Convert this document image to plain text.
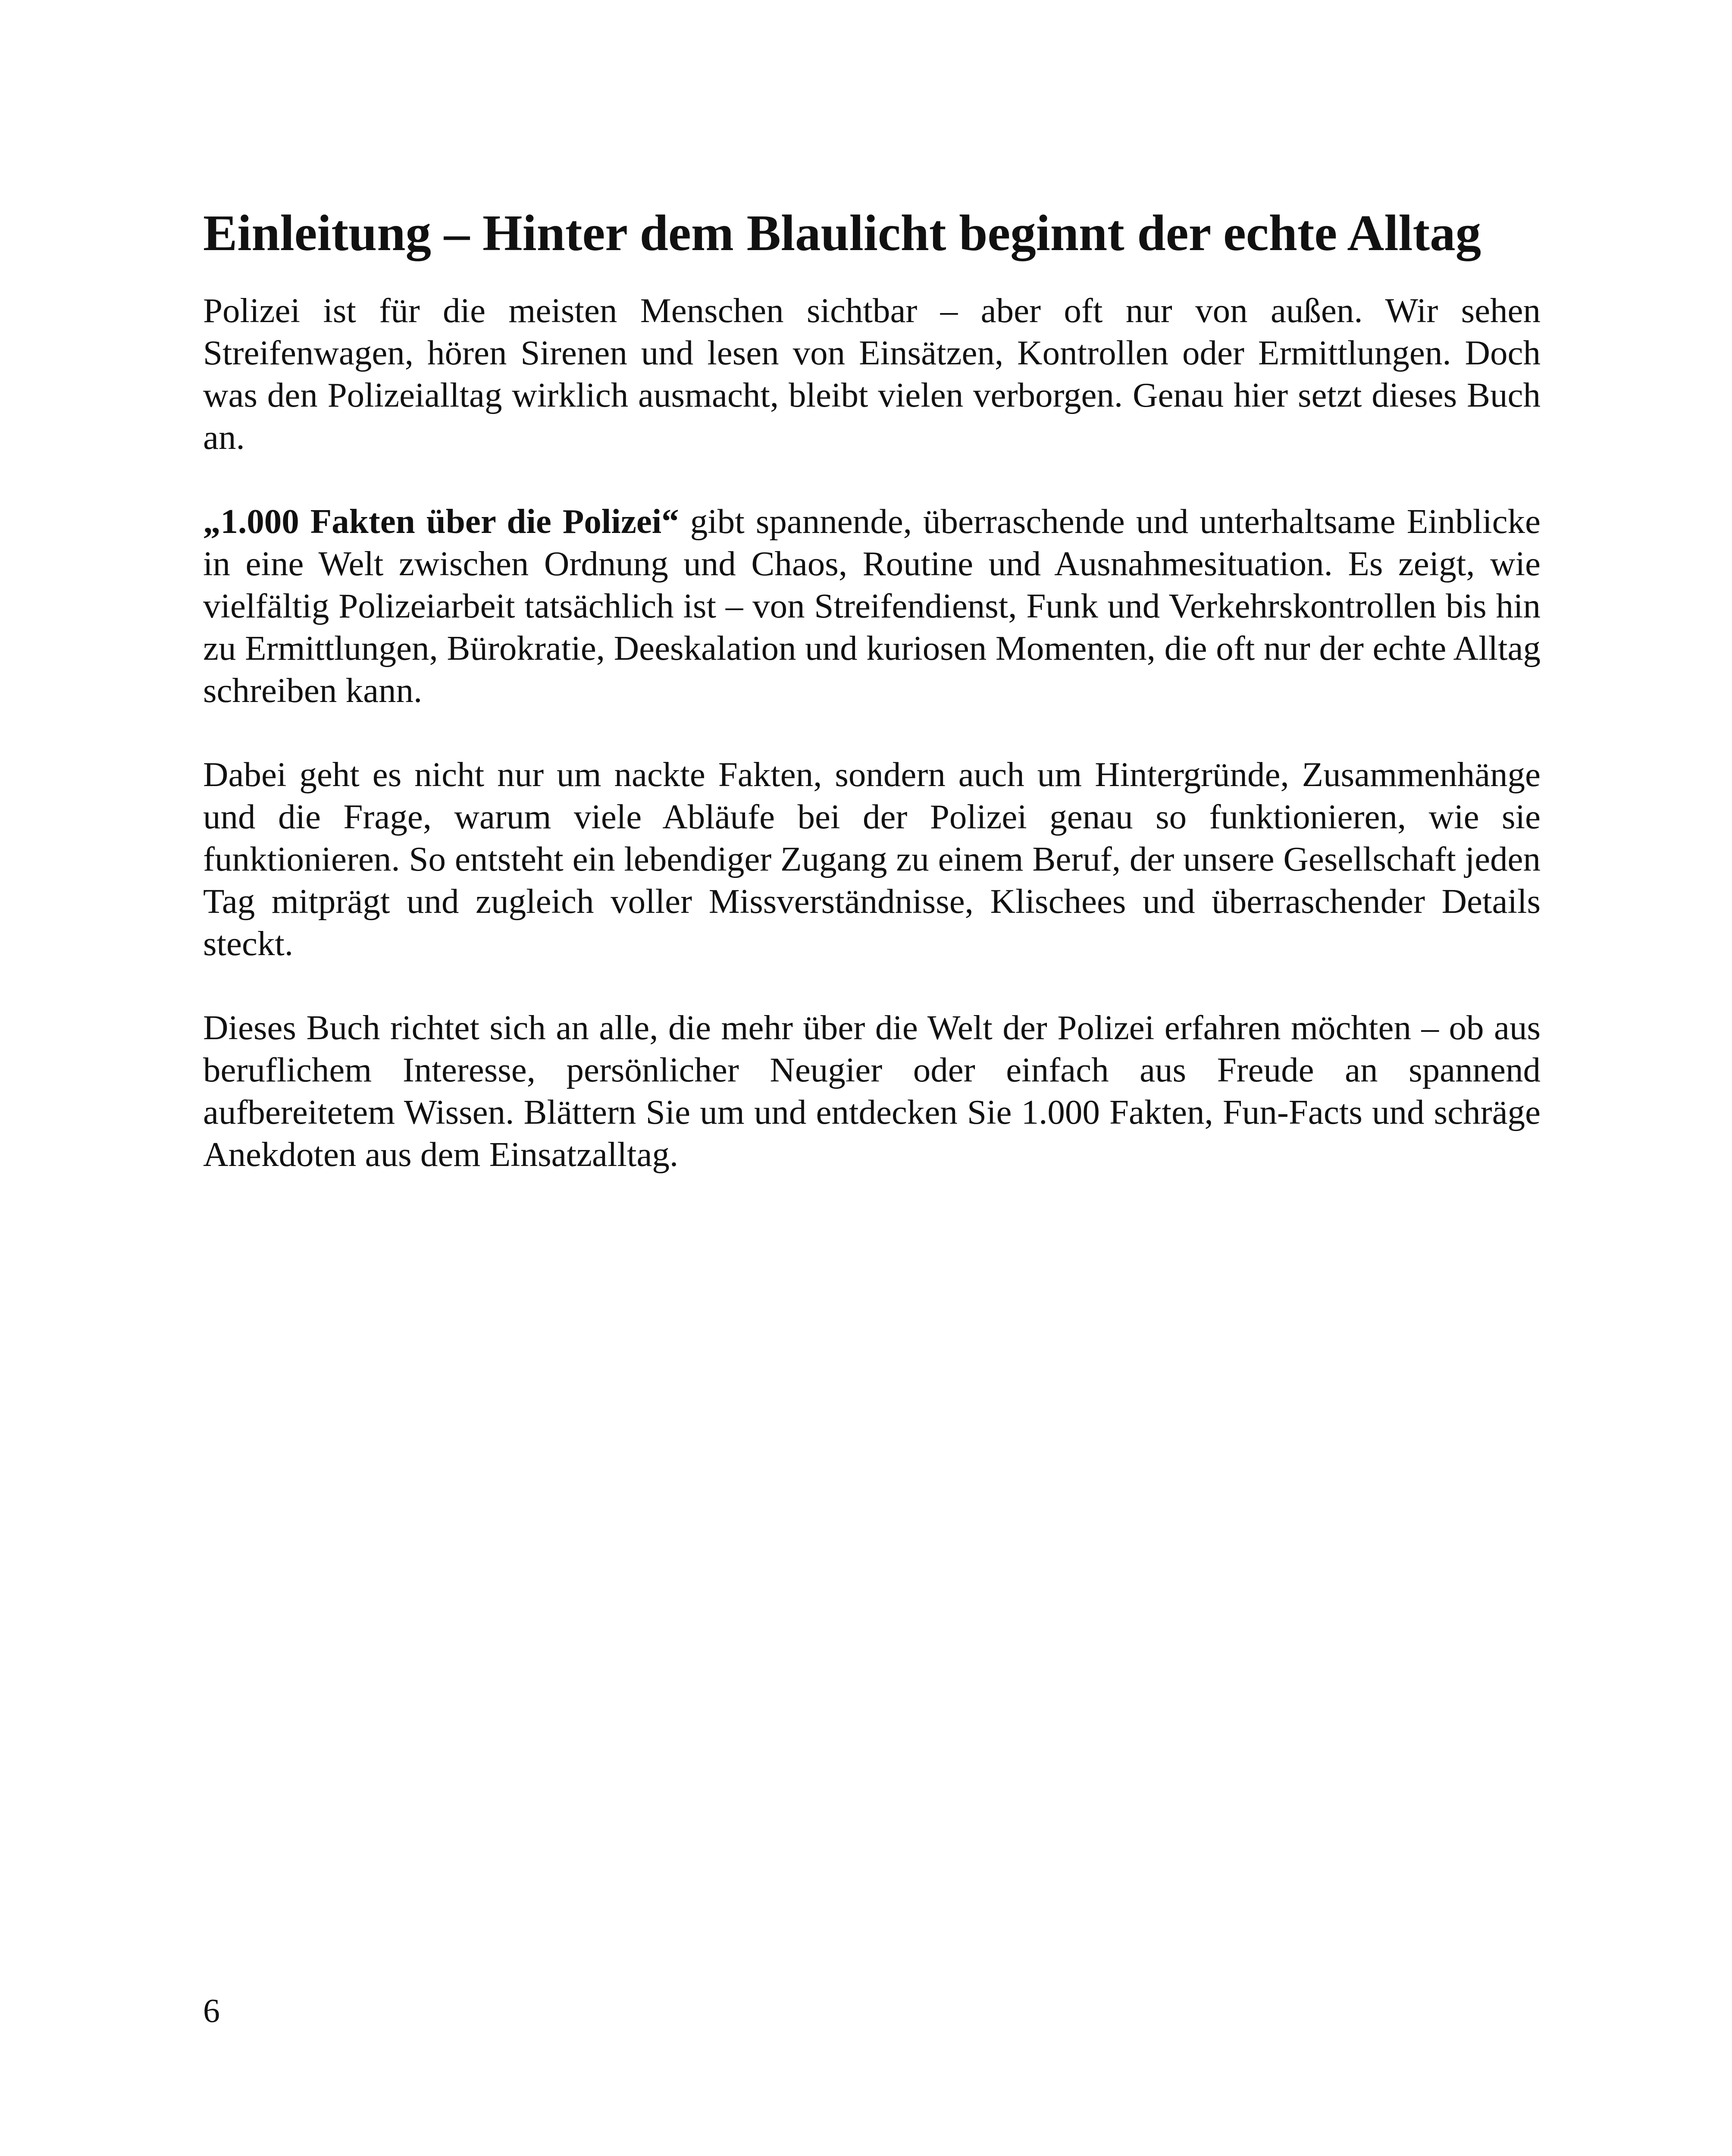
Einleitung – Hinter dem Blaulicht beginnt der echte Alltag

Polizei ist für die meisten Menschen sichtbar – aber oft nur von außen. Wir sehen Streifenwagen, hören Sirenen und lesen von Einsätzen, Kontrollen oder Ermittlungen. Doch was den Polizeialltag wirklich ausmacht, bleibt vielen verborgen. Genau hier setzt dieses Buch an.

„1.000 Fakten über die Polizei“ gibt spannende, überraschende und unterhaltsame Einblicke in eine Welt zwischen Ordnung und Chaos, Routine und Ausnahmesituation. Es zeigt, wie vielfältig Polizeiarbeit tatsächlich ist – von Streifendienst, Funk und Verkehrskontrollen bis hin zu Ermittlungen, Bürokratie, Deeskalation und kuriosen Momenten, die oft nur der echte Alltag schreiben kann.

Dabei geht es nicht nur um nackte Fakten, sondern auch um Hintergründe, Zusammenhänge und die Frage, warum viele Abläufe bei der Polizei genau so funktionieren, wie sie funktionieren. So entsteht ein lebendiger Zugang zu einem Beruf, der unsere Gesellschaft jeden Tag mitprägt und zugleich voller Missverständnisse, Klischees und überraschender Details steckt.

Dieses Buch richtet sich an alle, die mehr über die Welt der Polizei erfahren möchten – ob aus beruflichem Interesse, persönlicher Neugier oder einfach aus Freude an spannend aufbereitetem Wissen. Blättern Sie um und entdecken Sie 1.000 Fakten, Fun-Facts und schräge Anekdoten aus dem Einsatzalltag.

6
